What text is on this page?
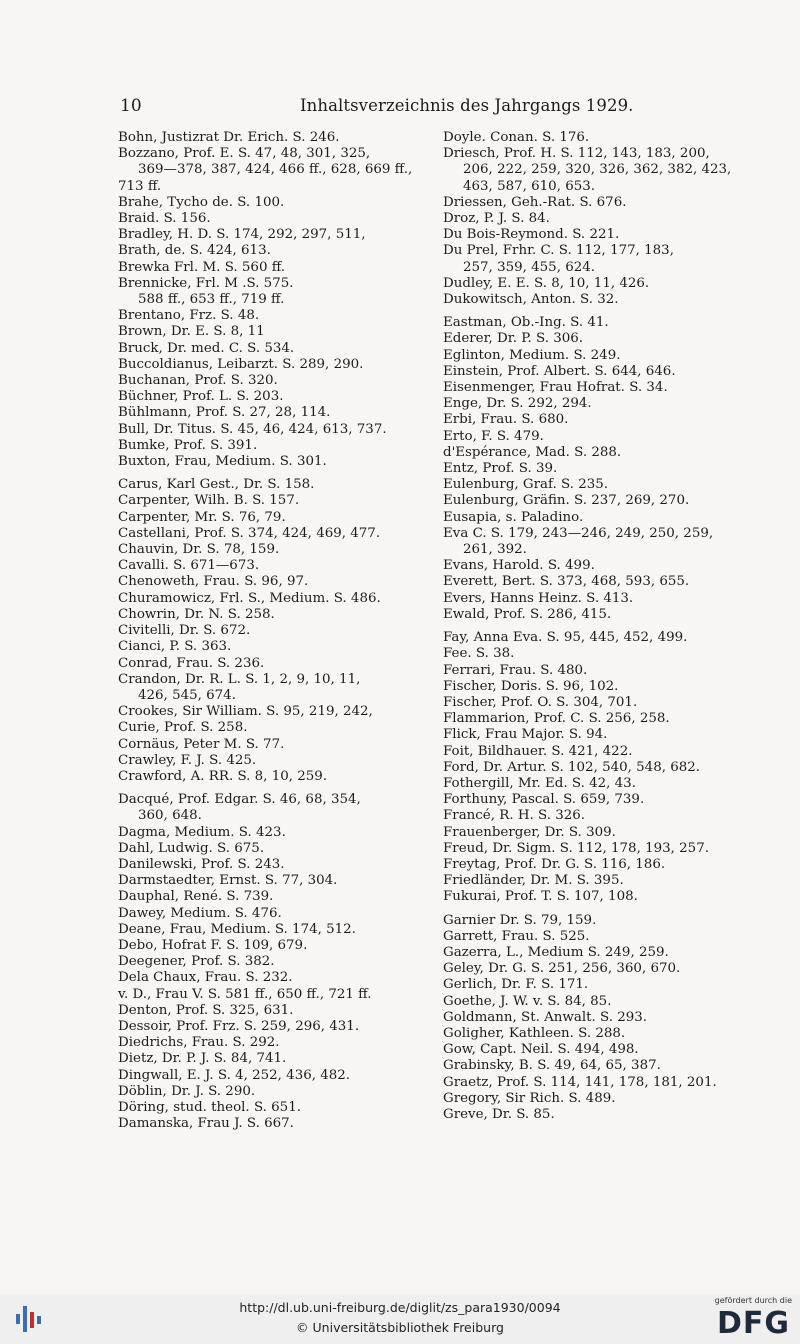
10	Inhaltsverzeichnis des Jahrgangs 1929.
Bohn, Justizrat Dr. Erich. S. 246.
Bozzano, Prof. E. S. 47, 48, 301, 325,
369—378, 387, 424, 466 ff., 628, 669 ff.,
713 ff.
Brahe, Tycho de. S. 100.
Braid. S. 156.
Bradley, H. D. S. 174, 292, 297, 511,
Brath, de. S. 424, 613.
Brewka Frl. M. S. 560 ff.
Brennicke, Frl. M .S. 575.
588 ff., 653 ff., 719 ff.
Brentano, Frz. S. 48.
Brown, Dr. E. S. 8, 11
Bruck, Dr. med. C. S. 534.
Buccoldianus, Leibarzt. S. 289, 290.
Buchanan, Prof. S. 320.
Büchner, Prof. L. S. 203.
Bühlmann, Prof. S. 27, 28, 114.
Bull, Dr. Titus. S. 45, 46, 424, 613, 737.
Bumke, Prof. S. 391.
Buxton, Frau, Medium. S. 301.
Carus, Karl Gest., Dr. S. 158.
Carpenter, Wilh. B. S. 157.
Carpenter, Mr. S. 76, 79.
Castellani, Prof. S. 374, 424, 469, 477.
Chauvin, Dr. S. 78, 159.
Cavalli. S. 671—673.
Chenoweth, Frau. S. 96, 97.
Churamowicz, Frl. S., Medium. S. 486.
Chowrin, Dr. N. S. 258.
Civitelli, Dr. S. 672.
Cianci, P. S. 363.
Conrad, Frau. S. 236.
Crandon, Dr. R. L. S. 1, 2, 9, 10, 11,
426, 545, 674.
Crookes, Sir William. S. 95, 219, 242,
Curie, Prof. S. 258.
Cornäus, Peter M. S. 77.
Crawley, F. J. S. 425.
Crawford, A. RR. S. 8, 10, 259.
Dacqué, Prof. Edgar. S. 46, 68, 354,
360, 648.
Dagma, Medium. S. 423.
Dahl, Ludwig. S. 675.
Danilewski, Prof. S. 243.
Darmstaedter, Ernst. S. 77, 304.
Dauphal, René. S. 739.
Dawey, Medium. S. 476.
Deane, Frau, Medium. S. 174, 512.
Debo, Hofrat F. S. 109, 679.
Deegener, Prof. S. 382.
Dela Chaux, Frau. S. 232.
v. D., Frau V. S. 581 ff., 650 ff., 721 ff.
Denton, Prof. S. 325, 631.
Dessoir, Prof. Frz. S. 259, 296, 431.
Diedrichs, Frau. S. 292.
Dietz, Dr. P. J. S. 84, 741.
Dingwall, E. J. S. 4, 252, 436, 482.
Döblin, Dr. J. S. 290.
Döring, stud. theol. S. 651.
Damanska, Frau J. S. 667.
Doyle. Conan. S. 176.
Driesch, Prof. H. S. 112, 143, 183, 200,
206, 222, 259, 320, 326, 362, 382, 423,
463, 587, 610, 653.
Driessen, Geh.-Rat. S. 676.
Droz, P. J. S. 84.
Du Bois-Reymond. S. 221.
Du Prel, Frhr. C. S. 112, 177, 183,
257, 359, 455, 624.
Dudley, E. E. S. 8, 10, 11, 426.
Dukowitsch, Anton. S. 32.
Eastman, Ob.-Ing. S. 41.
Ederer, Dr. P. S. 306.
Eglinton, Medium. S. 249.
Einstein, Prof. Albert. S. 644, 646.
Eisenmenger, Frau Hofrat. S. 34.
Enge, Dr. S. 292, 294.
Erbi, Frau. S. 680.
Erto, F. S. 479.
d'Espérance, Mad. S. 288.
Entz, Prof. S. 39.
Eulenburg, Graf. S. 235.
Eulenburg, Gräfin. S. 237, 269, 270.
Eusapia, s. Paladino.
Eva C. S. 179, 243—246, 249, 250, 259,
261, 392.
Evans, Harold. S. 499.
Everett, Bert. S. 373, 468, 593, 655.
Evers, Hanns Heinz. S. 413.
Ewald, Prof. S. 286, 415.
Fay, Anna Eva. S. 95, 445, 452, 499.
Fee. S. 38.
Ferrari, Frau. S. 480.
Fischer, Doris. S. 96, 102.
Fischer, Prof. O. S. 304, 701.
Flammarion, Prof. C. S. 256, 258.
Flick, Frau Major. S. 94.
Foit, Bildhauer. S. 421, 422.
Ford, Dr. Artur. S. 102, 540, 548, 682.
Fothergill, Mr. Ed. S. 42, 43.
Forthuny, Pascal. S. 659, 739.
Francé, R. H. S. 326.
Frauenberger, Dr. S. 309.
Freud, Dr. Sigm. S. 112, 178, 193, 257.
Freytag, Prof. Dr. G. S. 116, 186.
Friedländer, Dr. M. S. 395.
Fukurai, Prof. T. S. 107, 108.
Garnier Dr. S. 79, 159.
Garrett, Frau. S. 525.
Gazerra, L., Medium S. 249, 259.
Geley, Dr. G. S. 251, 256, 360, 670.
Gerlich, Dr. F. S. 171.
Goethe, J. W. v. S. 84, 85.
Goldmann, St. Anwalt. S. 293.
Goligher, Kathleen. S. 288.
Gow, Capt. Neil. S. 494, 498.
Grabinsky, B. S. 49, 64, 65, 387.
Graetz, Prof. S. 114, 141, 178, 181, 201.
Gregory, Sir Rich. S. 489.
Greve, Dr. S. 85.
http://dl.ub.uni-freiburg.de/diglit/zs_para1930/0094
© Universitätsbibliothek Freiburg
gefördert durch die
DFG
